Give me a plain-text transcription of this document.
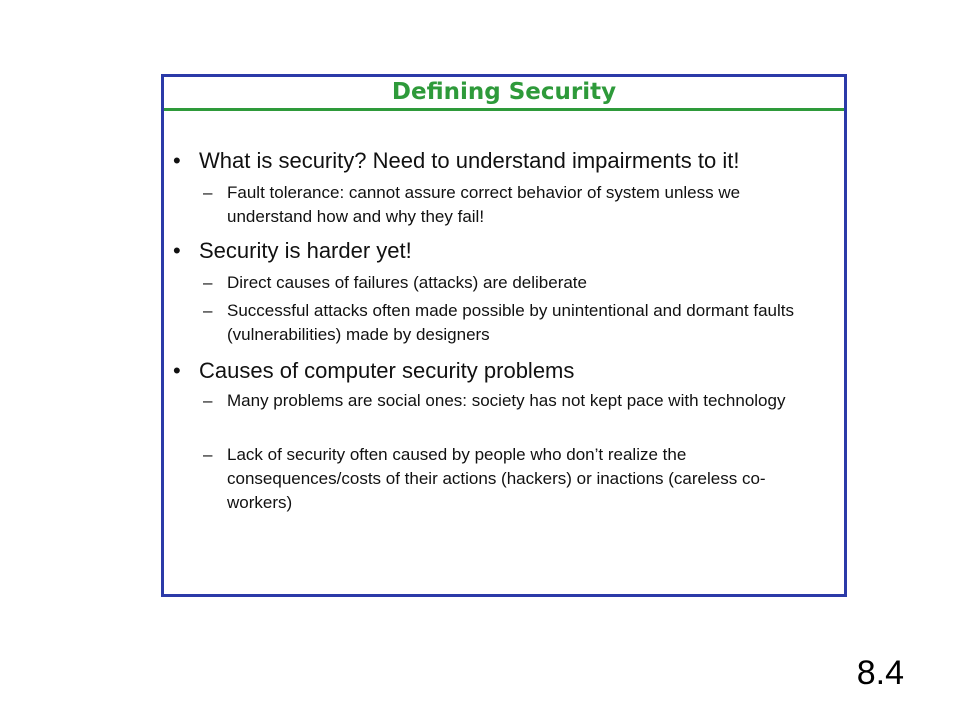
Defining Security
• What is security? Need to understand impairments to it!
– Fault tolerance: cannot assure correct behavior of system unless we understand how and why they fail!
• Security is harder yet!
– Direct causes of failures (attacks) are deliberate
– Successful attacks often made possible by unintentional and dormant faults (vulnerabilities) made by designers
• Causes of computer security problems
– Many problems are social ones: society has not kept pace with technology
– Lack of security often caused by people who don’t realize the consequences/costs of their actions (hackers) or inactions (careless co-workers)
8.4
